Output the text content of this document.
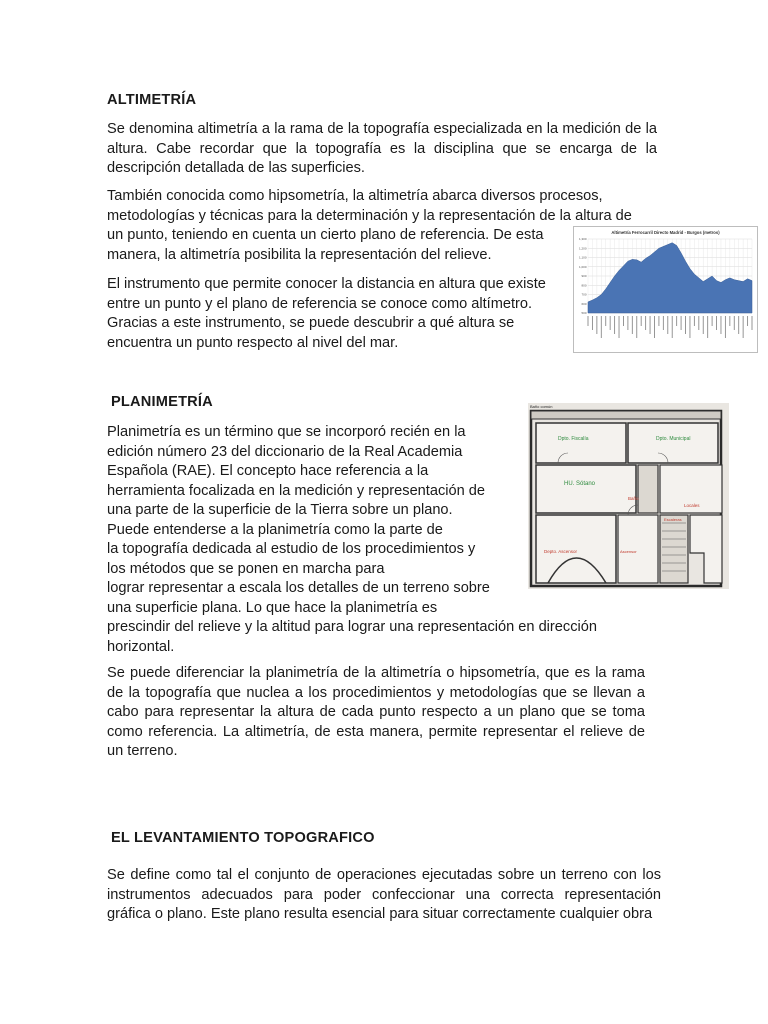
ALTIMETRÍA

Se denomina altimetría a la rama de la topografía especializada en la medición de la altura. Cabe recordar que la topografía es la disciplina que se encarga de la descripción detallada de las superficies.

También conocida como hipsometría, la altimetría abarca diversos procesos,
metodologías y técnicas para la determinación y la representación de la altura de
un punto, teniendo en cuenta un cierto plano de referencia. De esta
manera, la altimetría posibilita la representación del relieve.

El instrumento que permite conocer la distancia en altura que existe
entre un punto y el plano de referencia se conoce como altímetro.
Gracias a este instrumento, se puede descubrir a qué altura se
encuentra un punto respecto al nivel del mar.

Altimetría Ferrocarril Directo Madrid - Burgos (metros)
500
600
700
800
900
1,000
1,100
1,200
1,300
PLANIMETRÍA

Planimetría es un término que se incorporó recién en la
edición número 23 del diccionario de la Real Academia
Española (RAE). El concepto hace referencia a la
herramienta focalizada en la medición y representación de
una parte de la superficie de la Tierra sobre un plano.
Puede entenderse a la planimetría como la parte de
la topografía dedicada al estudio de los procedimientos y
los métodos que se ponen en marcha para
lograr representar a escala los detalles de un terreno sobre
una superficie plana. Lo que hace la planimetría es
prescindir del relieve y la altitud para lograr una representación en dirección
horizontal.

Baño común
Dpto. Fiscalía	Dpto. Municipal
HU. Sótano
Depto. Ascensor
Baño
Escaleras
Locales
Ascensor

Se puede diferenciar la planimetría de la altimetría o hipsometría, que es la rama de la topografía que nuclea a los procedimientos y metodologías que se llevan a cabo para representar la altura de cada punto respecto a un plano que se toma como referencia. La altimetría, de esta manera, permite representar el relieve de un terreno.

EL LEVANTAMIENTO TOPOGRAFICO

Se define como tal el conjunto de operaciones ejecutadas sobre un terreno con los instrumentos adecuados para poder confeccionar una correcta representación gráfica o plano. Este plano resulta esencial para situar correctamente cualquier obra
